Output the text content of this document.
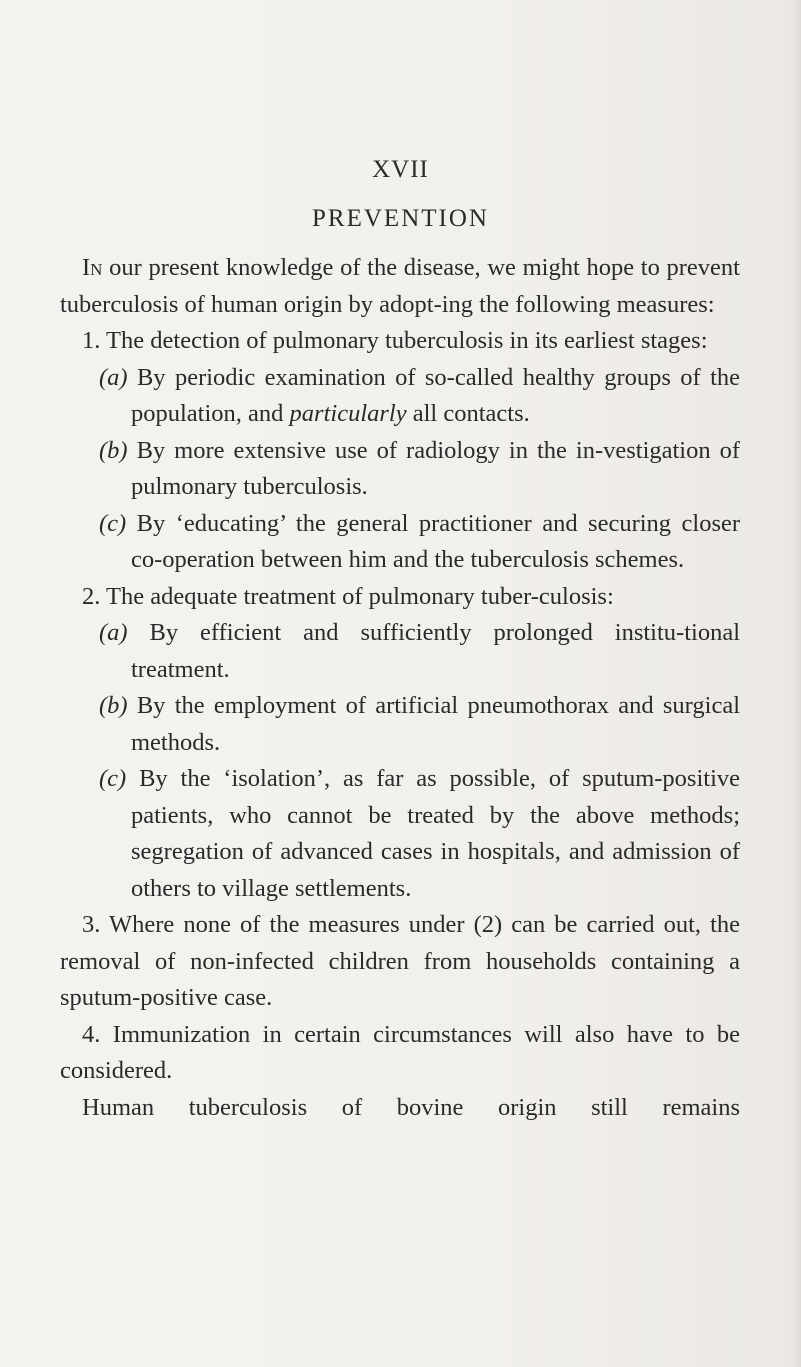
XVII
PREVENTION

In our present knowledge of the disease, we might hope to prevent tuberculosis of human origin by adopt-ing the following measures:

1. The detection of pulmonary tuberculosis in its earliest stages:

(a) By periodic examination of so-called healthy groups of the population, and particularly all contacts.

(b) By more extensive use of radiology in the in-vestigation of pulmonary tuberculosis.

(c) By ‘educating’ the general practitioner and securing closer co-operation between him and the tuberculosis schemes.

2. The adequate treatment of pulmonary tuber-culosis:

(a) By efficient and sufficiently prolonged institu-tional treatment.

(b) By the employment of artificial pneumothorax and surgical methods.

(c) By the ‘isolation’, as far as possible, of sputum-positive patients, who cannot be treated by the above methods; segregation of advanced cases in hospitals, and admission of others to village settlements.

3. Where none of the measures under (2) can be carried out, the removal of non-infected children from households containing a sputum-positive case.

4. Immunization in certain circumstances will also have to be considered.

Human tuberculosis of bovine origin still remains
